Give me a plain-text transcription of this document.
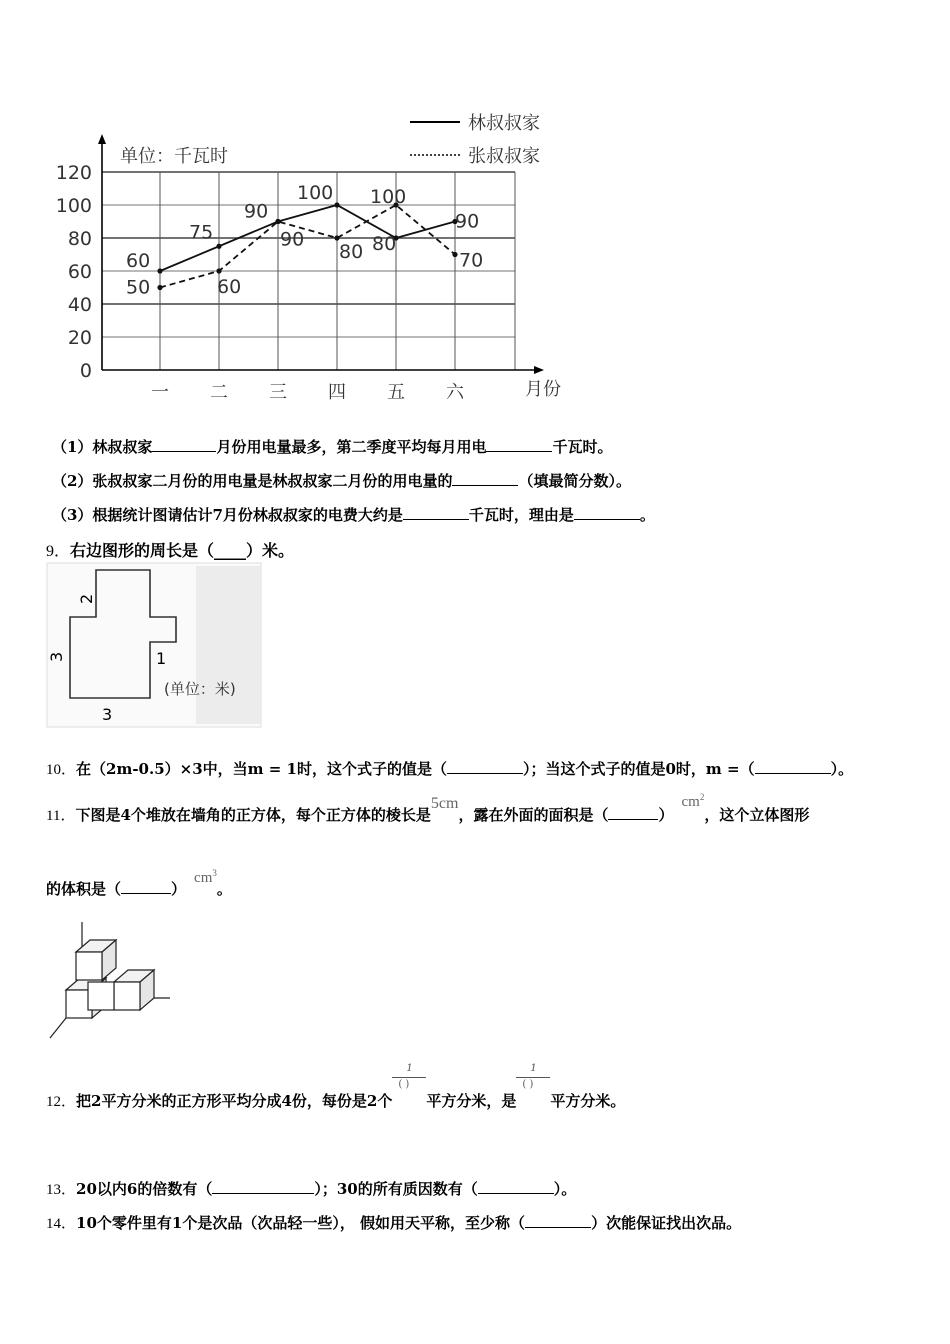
0
20
40
60
80
100
120
一 二 三 四 五 六
60
75
90
100
80
90
50	60
90
80
100
70
林叔叔家
张叔叔家
单位：千瓦时
月份
（1）林叔叔家	月份用电量最多，第二季度平均每月用电	千瓦时。
（2）张叔叔家二月份的用电量是林叔叔家二月份的用电量的	（填最简分数）。
（3）根据统计图请估计7月份林叔叔家的电费大约是	千瓦时，理由是	。
9．右边图形的周长是（____）米。
2
3	1
3
(单位：米)
10．在（2m-0.5）×3中，当m = 1时，这个式子的值是（	）；当这个式子的值是0时，m =（	）。
11．下图是4个堆放在墙角的正方体，每个正方体的棱长是5cm，露在外面的面积是（	）$cm^2$，这个立体图形
的体积是（	）$cm^3$。
12．把2平方分米的正方形平均分成4份，每份是2个
1
( )
平方分米，是
1
( )
平方分米。
13．20以内6的倍数有（	）；30的所有质因数有（	）。
14．10个零件里有1个是次品（次品轻一些）， 假如用天平称，至少称（	）次能保证找出次品。
